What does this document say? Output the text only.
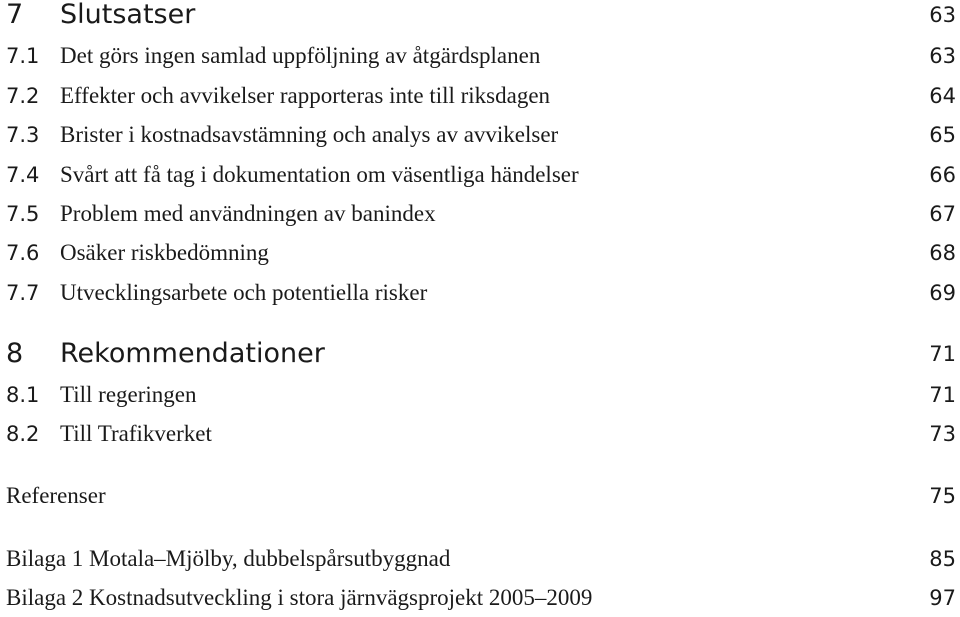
7 Slutsatser	63
7.1 Det görs ingen samlad uppföljning av åtgärdsplanen	63
7.2 Effekter och avvikelser rapporteras inte till riksdagen	64
7.3 Brister i kostnadsavstämning och analys av avvikelser	65
7.4 Svårt att få tag i dokumentation om väsentliga händelser	66
7.5 Problem med användningen av banindex	67
7.6 Osäker riskbedömning	68
7.7 Utvecklingsarbete och potentiella risker	69
8 Rekommendationer	71
8.1 Till regeringen	71
8.2 Till Trafikverket	73
Referenser	75
Bilaga 1 Motala–Mjölby, dubbelspårsutbyggnad	85
Bilaga 2 Kostnadsutveckling i stora järnvägsprojekt 2005–2009	97
